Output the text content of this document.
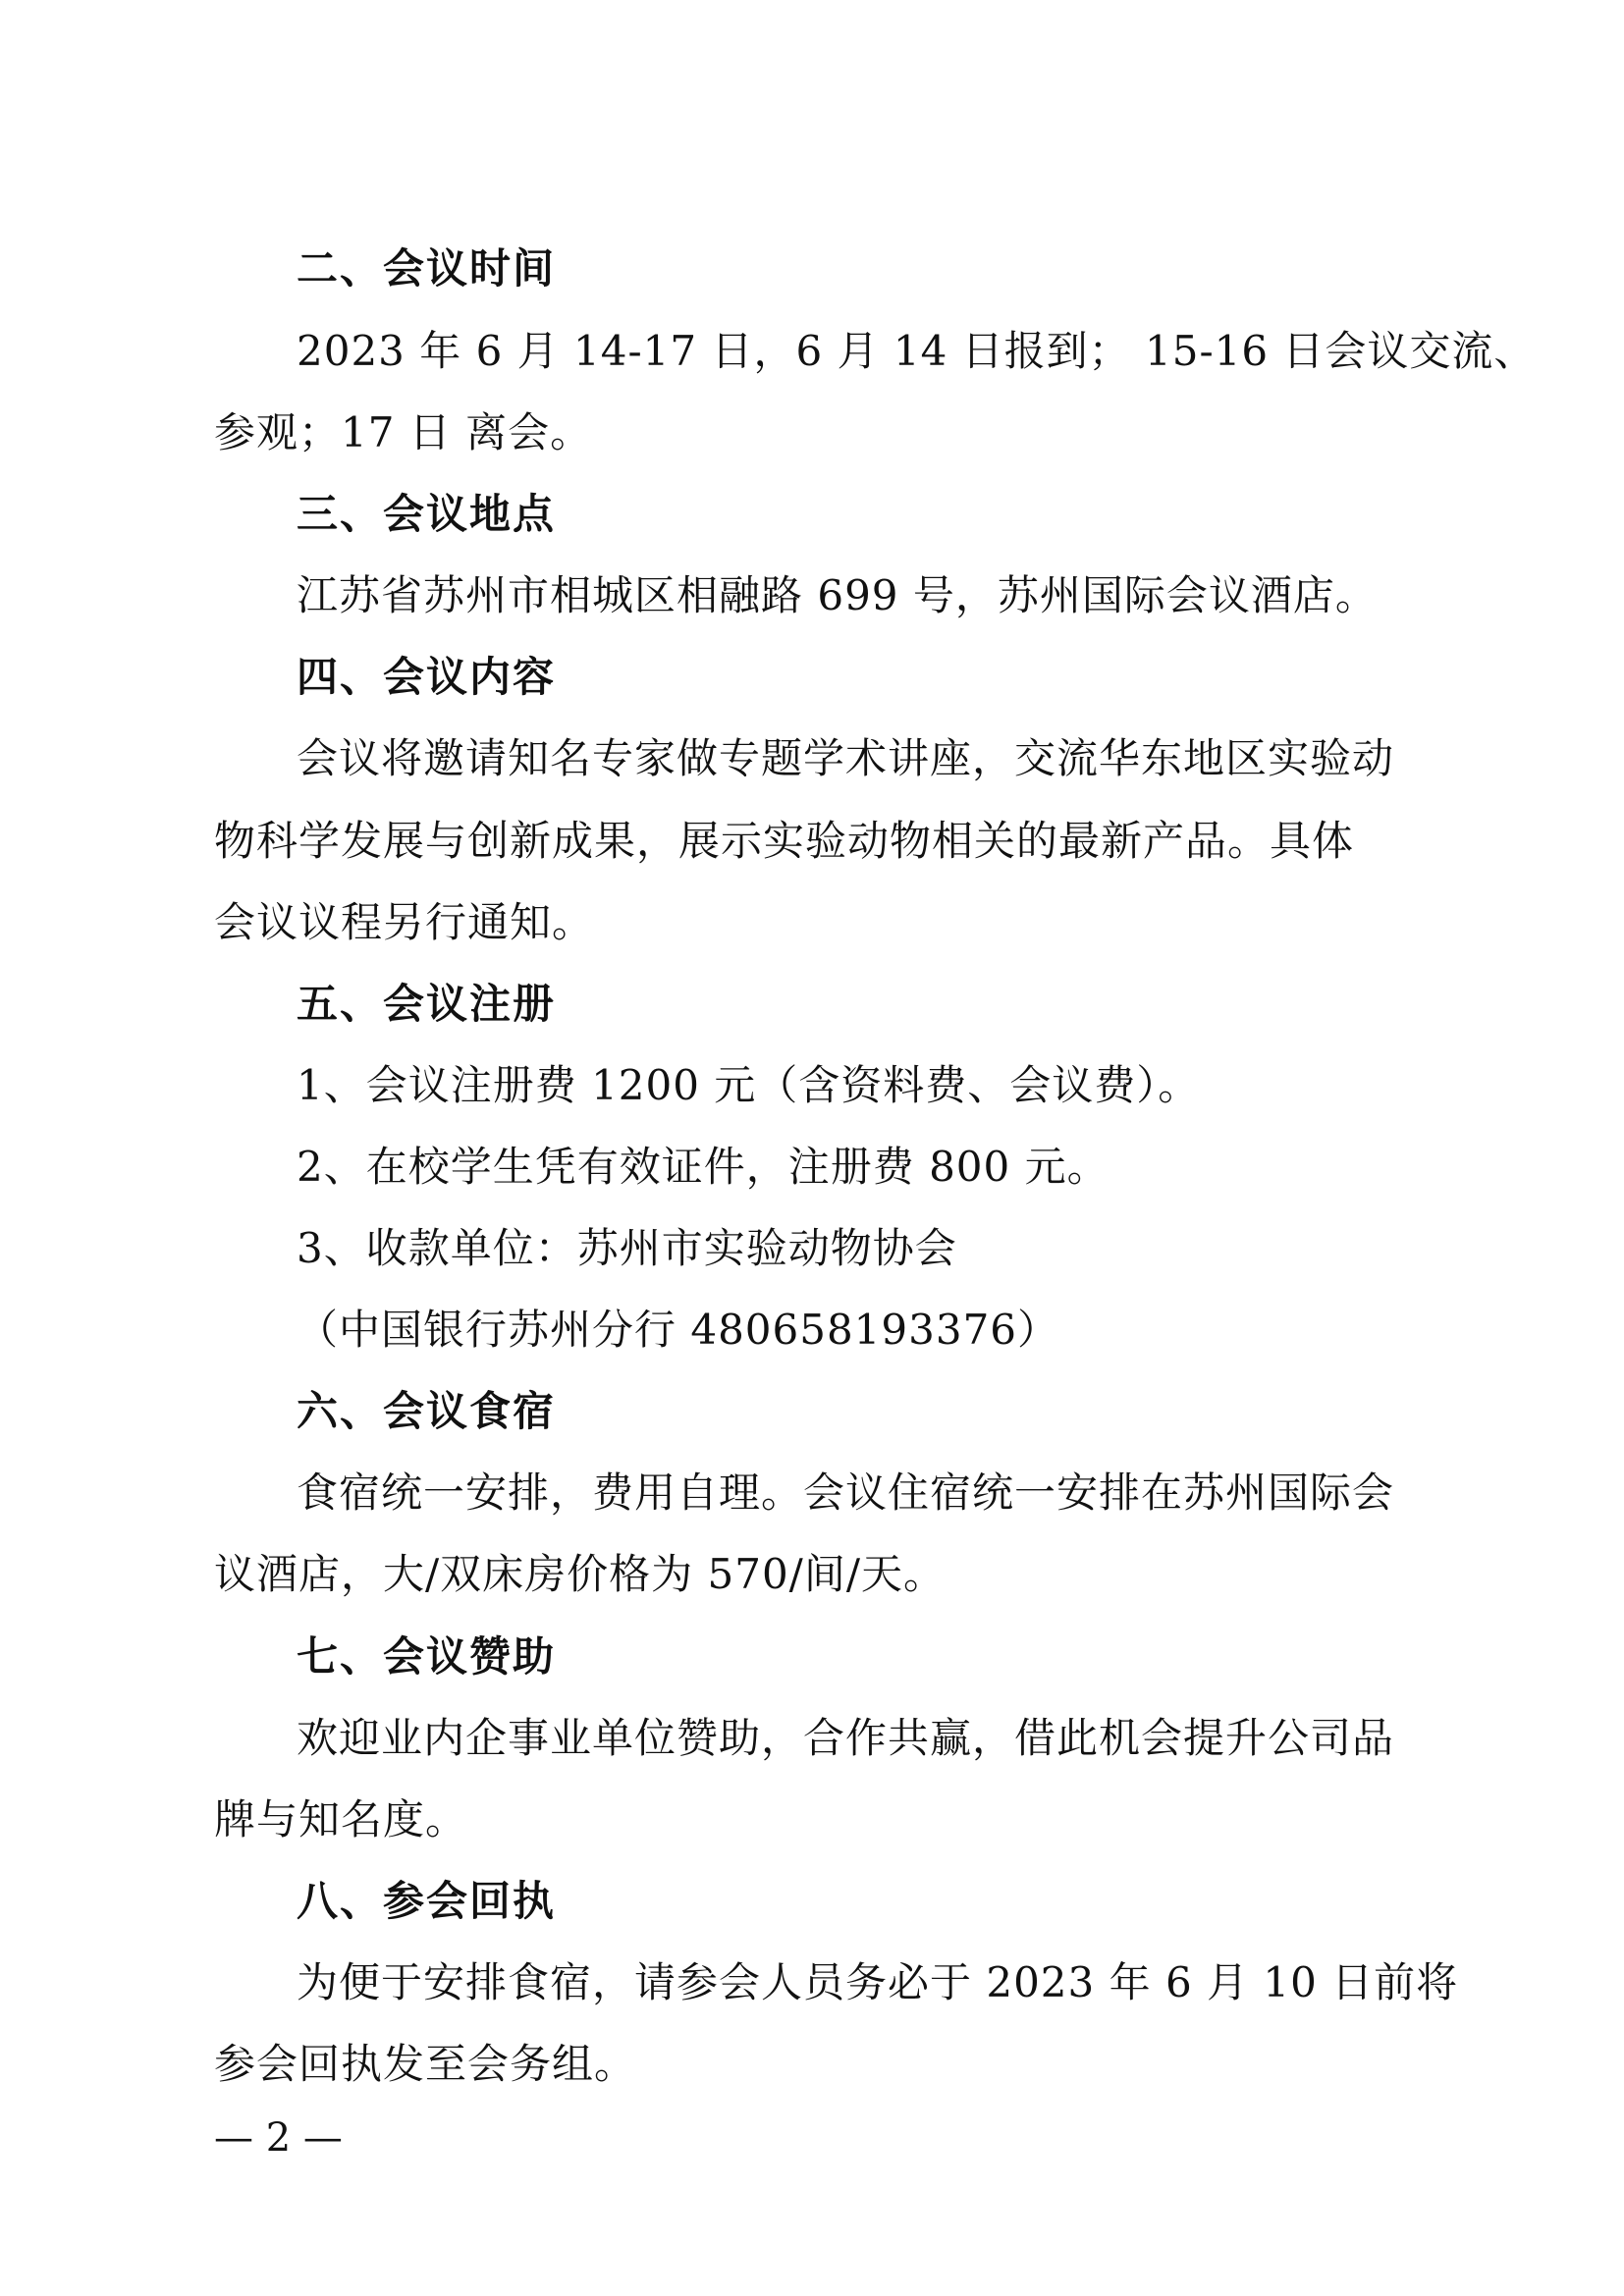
二、会议时间
2023 年 6 月 14-17 日，6 月 14 日报到； 15-16 日会议交流、
参观；17 日 离会。
三、会议地点
江苏省苏州市相城区相融路 699 号，苏州国际会议酒店。
四、会议内容
会议将邀请知名专家做专题学术讲座，交流华东地区实验动
物科学发展与创新成果，展示实验动物相关的最新产品。具体
会议议程另行通知。
五、会议注册
1、会议注册费 1200 元（含资料费、会议费）。
2、在校学生凭有效证件，注册费 800 元。
3、收款单位：苏州市实验动物协会
（中国银行苏州分行 480658193376）
六、会议食宿
食宿统一安排，费用自理。会议住宿统一安排在苏州国际会
议酒店，大/双床房价格为 570/间/天。
七、会议赞助
欢迎业内企事业单位赞助，合作共赢，借此机会提升公司品
牌与知名度。
八、参会回执
为便于安排食宿，请参会人员务必于 2023 年 6 月 10 日前将
参会回执发至会务组。
— 2 —
